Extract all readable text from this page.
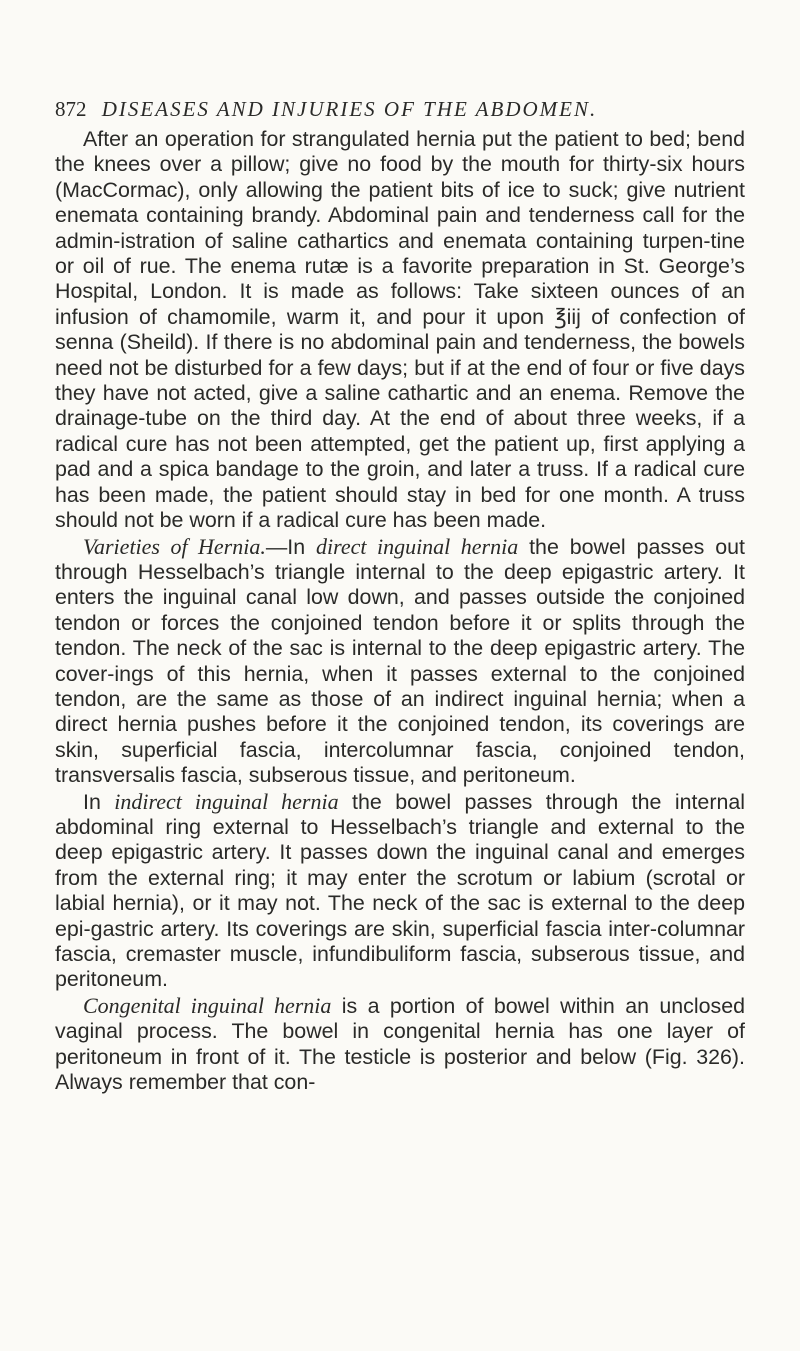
872 DISEASES AND INJURIES OF THE ABDOMEN.

After an operation for strangulated hernia put the patient to bed; bend the knees over a pillow; give no food by the mouth for thirty-six hours (MacCormac), only allowing the patient bits of ice to suck; give nutrient enemata containing brandy. Abdominal pain and tenderness call for the admin-istration of saline cathartics and enemata containing turpen-tine or oil of rue. The enema rutæ is a favorite preparation in St. George’s Hospital, London. It is made as follows: Take sixteen ounces of an infusion of chamomile, warm it, and pour it upon ℥iij of confection of senna (Sheild). If there is no abdominal pain and tenderness, the bowels need not be disturbed for a few days; but if at the end of four or five days they have not acted, give a saline cathartic and an enema. Remove the drainage-tube on the third day. At the end of about three weeks, if a radical cure has not been attempted, get the patient up, first applying a pad and a spica bandage to the groin, and later a truss. If a radical cure has been made, the patient should stay in bed for one month. A truss should not be worn if a radical cure has been made.

Varieties of Hernia.—In direct inguinal hernia the bowel passes out through Hesselbach’s triangle internal to the deep epigastric artery. It enters the inguinal canal low down, and passes outside the conjoined tendon or forces the conjoined tendon before it or splits through the tendon. The neck of the sac is internal to the deep epigastric artery. The cover-ings of this hernia, when it passes external to the conjoined tendon, are the same as those of an indirect inguinal hernia; when a direct hernia pushes before it the conjoined tendon, its coverings are skin, superficial fascia, intercolumnar fascia, conjoined tendon, transversalis fascia, subserous tissue, and peritoneum.

In indirect inguinal hernia the bowel passes through the internal abdominal ring external to Hesselbach’s triangle and external to the deep epigastric artery. It passes down the inguinal canal and emerges from the external ring; it may enter the scrotum or labium (scrotal or labial hernia), or it may not. The neck of the sac is external to the deep epi-gastric artery. Its coverings are skin, superficial fascia inter-columnar fascia, cremaster muscle, infundibuliform fascia, subserous tissue, and peritoneum.

Congenital inguinal hernia is a portion of bowel within an unclosed vaginal process. The bowel in congenital hernia has one layer of peritoneum in front of it. The testicle is posterior and below (Fig. 326). Always remember that con-
